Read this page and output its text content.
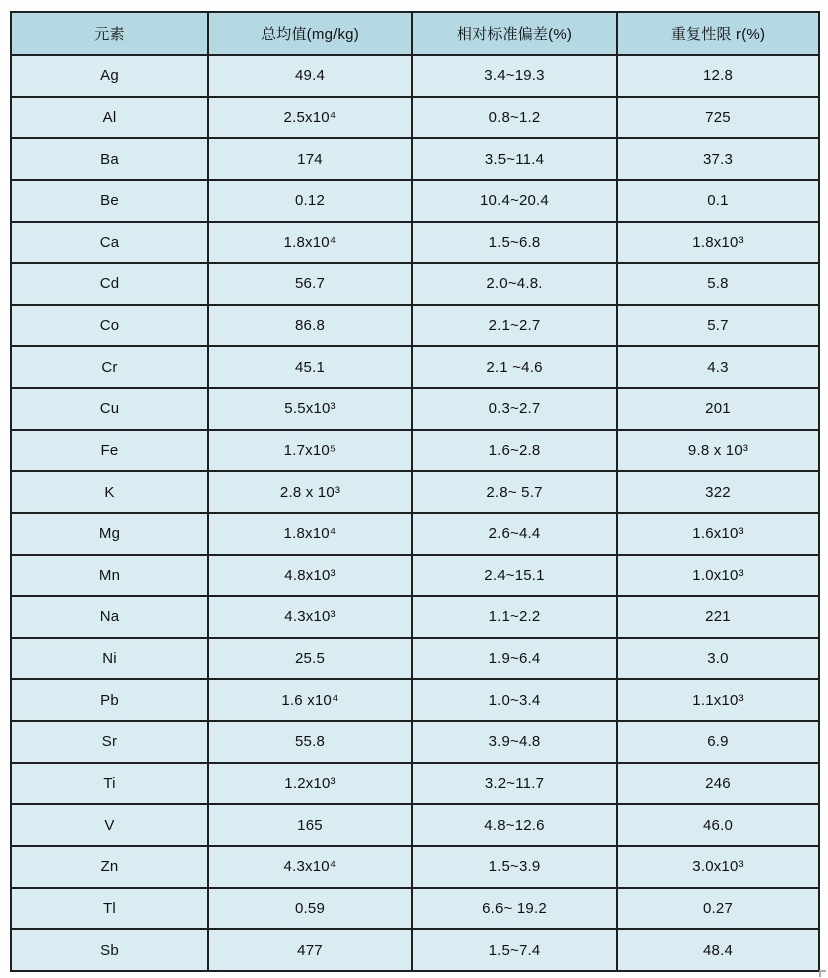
元素	总均值(mg/kg)	相对标准偏差(%)	重复性限 r(%)
Ag	49.4	3.4~19.3	12.8
Al	2.5x10⁴	0.8~1.2	725
Ba	174	3.5~11.4	37.3
Be	0.12	10.4~20.4	0.1
Ca	1.8x10⁴	1.5~6.8	1.8x10³
Cd	56.7	2.0~4.8.	5.8
Co	86.8	2.1~2.7	5.7
Cr	45.1	2.1 ~4.6	4.3
Cu	5.5x10³	0.3~2.7	201
Fe	1.7x10⁵	1.6~2.8	9.8 x 10³
K	2.8 x 10³	2.8~ 5.7	322
Mg	1.8x10⁴	2.6~4.4	1.6x10³
Mn	4.8x10³	2.4~15.1	1.0x10³
Na	4.3x10³	1.1~2.2	221
Ni	25.5	1.9~6.4	3.0
Pb	1.6 x10⁴	1.0~3.4	1.1x10³
Sr	55.8	3.9~4.8	6.9
Ti	1.2x10³	3.2~11.7	246
V	165	4.8~12.6	46.0
Zn	4.3x10⁴	1.5~3.9	3.0x10³
Tl	0.59	6.6~ 19.2	0.27
Sb	477	1.5~7.4	48.4
